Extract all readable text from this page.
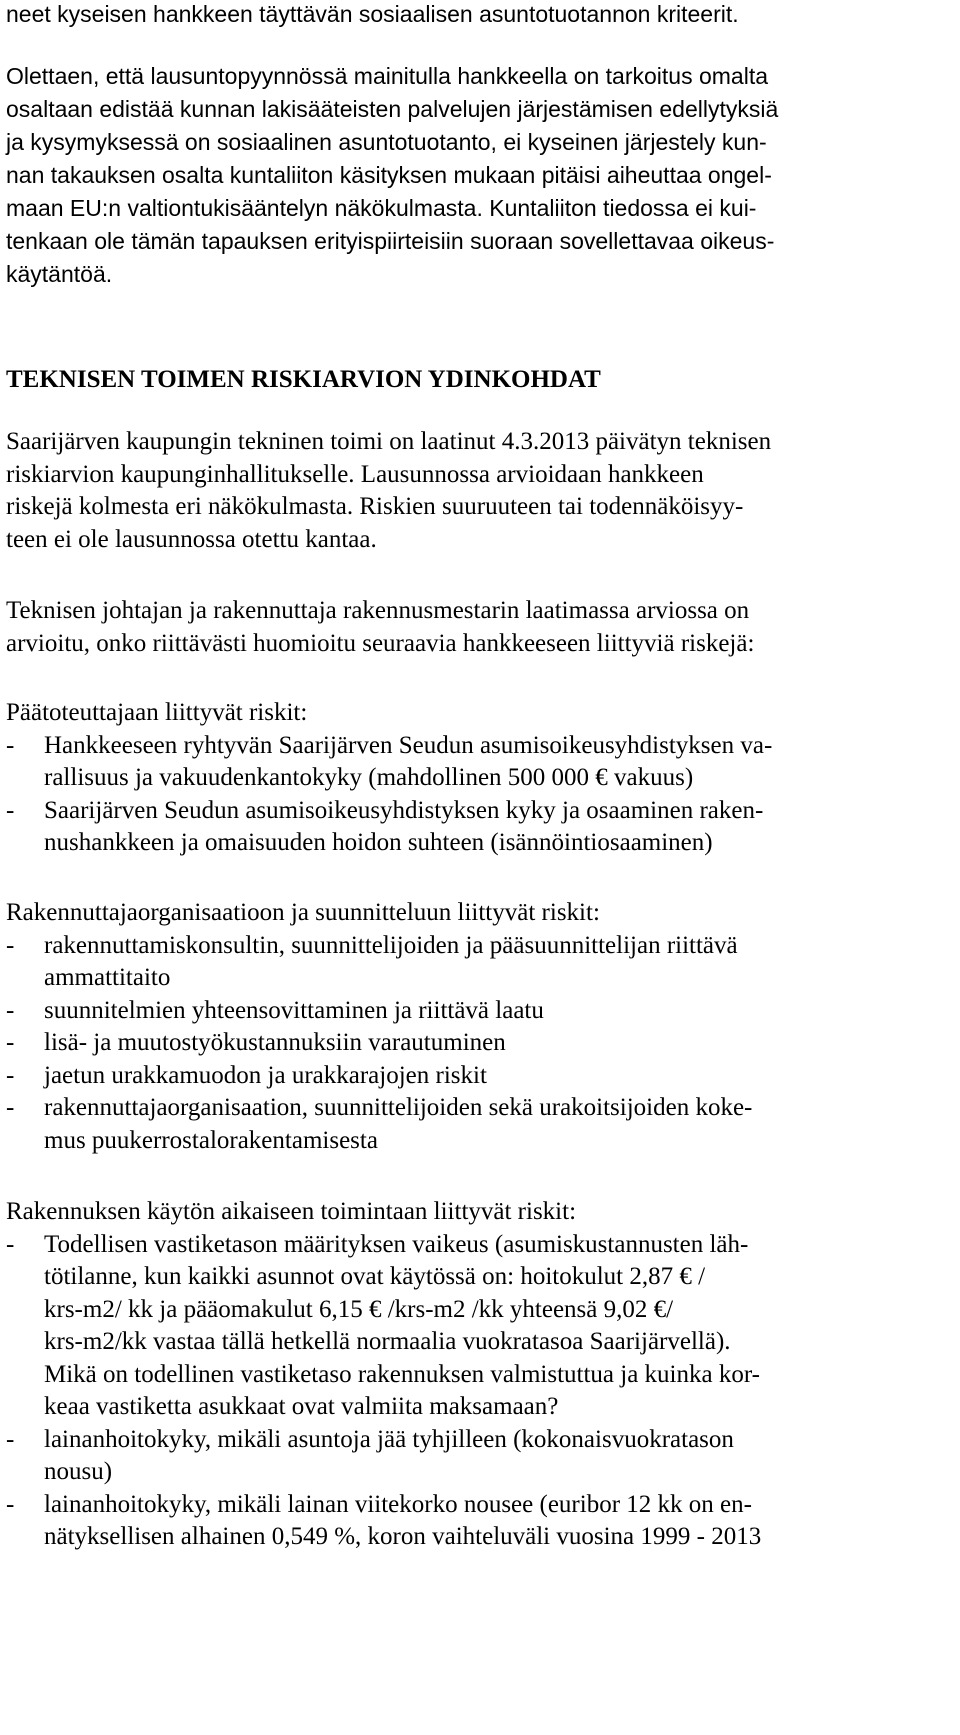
neet kyseisen hankkeen täyttävän sosiaalisen asuntotuotannon kriteerit.
Olettaen, että lausuntopyynnössä mainitulla hankkeella on tarkoitus omalta
osaltaan edistää kunnan lakisääteisten palvelujen järjestämisen edellytyksiä
ja kysymyksessä on sosiaalinen asuntotuotanto, ei kyseinen järjestely kun-
nan takauksen osalta kuntaliiton käsityksen mukaan pitäisi aiheuttaa ongel-
maan EU:n valtiontukisääntelyn näkökulmasta. Kuntaliiton tiedossa ei kui-
tenkaan ole tämän tapauksen erityispiirteisiin suoraan sovellettavaa oikeus-
käytäntöä.
TEKNISEN TOIMEN RISKIARVION YDINKOHDAT
Saarijärven kaupungin tekninen toimi on laatinut 4.3.2013 päivätyn teknisen
riskiarvion kaupunginhallitukselle. Lausunnossa arvioidaan hankkeen
riskejä kolmesta eri näkökulmasta. Riskien suuruuteen tai todennäköisyy-
teen ei ole lausunnossa otettu kantaa.
Teknisen johtajan ja rakennuttaja rakennusmestarin laatimassa arviossa on
arvioitu, onko riittävästi huomioitu seuraavia hankkeeseen liittyviä riskejä:
Päätoteuttajaan liittyvät riskit:
- Hankkeeseen ryhtyvän Saarijärven Seudun asumisoikeusyhdistyksen va-
rallisuus ja vakuudenkantokyky (mahdollinen 500 000 € vakuus)
- Saarijärven Seudun asumisoikeusyhdistyksen kyky ja osaaminen raken-
nushankkeen ja omaisuuden hoidon suhteen (isännöintiosaaminen)
Rakennuttajaorganisaatioon ja suunnitteluun liittyvät riskit:
- rakennuttamiskonsultin, suunnittelijoiden ja pääsuunnittelijan riittävä
ammattitaito
- suunnitelmien yhteensovittaminen ja riittävä laatu
- lisä- ja muutostyökustannuksiin varautuminen
- jaetun urakkamuodon ja urakkarajojen riskit
- rakennuttajaorganisaation, suunnittelijoiden sekä urakoitsijoiden koke-
mus puukerrostalorakentamisesta
Rakennuksen käytön aikaiseen toimintaan liittyvät riskit:
- Todellisen vastiketason määrityksen vaikeus (asumiskustannusten läh-
tötilanne, kun kaikki asunnot ovat käytössä on: hoitokulut 2,87 € /
krs-m2/ kk ja pääomakulut 6,15 € /krs-m2 /kk yhteensä 9,02 €/
krs-m2/kk vastaa tällä hetkellä normaalia vuokratasoa Saarijärvellä).
Mikä on todellinen vastiketaso rakennuksen valmistuttua ja kuinka kor-
keaa vastiketta asukkaat ovat valmiita maksamaan?
- lainanhoitokyky, mikäli asuntoja jää tyhjilleen (kokonaisvuokratason
nousu)
- lainanhoitokyky, mikäli lainan viitekorko nousee (euribor 12 kk on en-
nätyksellisen alhainen 0,549 %, koron vaihteluväli vuosina 1999 - 2013
